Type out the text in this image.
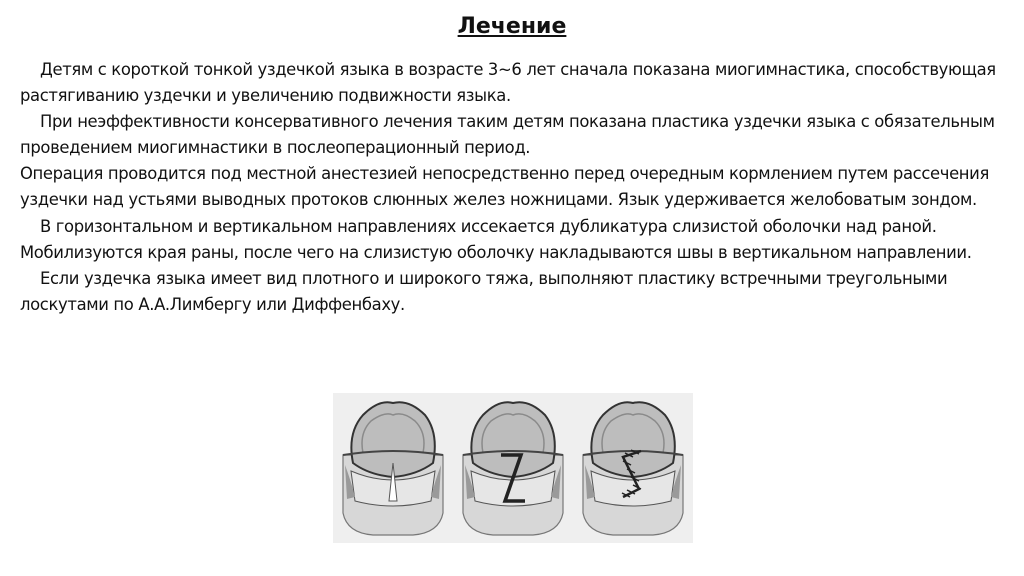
Лечение

Детям с короткой тонкой уздечкой языка в возрасте 3~6 лет сначала показана миогимнастика, способствующая растягиванию уздечки и увеличению подвижности языка.

При неэффективности консервативного лечения таким детям показана пластика уздечки языка с обязательным проведением миогимнастики в послеоперационный период.

Операция проводится под местной анестезией непосредственно перед очередным кормлением путем рассечения уздечки над устьями выводных протоков слюнных желез ножницами. Язык удерживается желобоватым зондом.

В горизонтальном и вертикальном направлениях иссекается дубликатура слизистой оболочки над раной. Мобилизуются края раны, после чего на слизистую оболочку накладываются швы в вертикальном направлении.

Если уздечка языка имеет вид плотного и широкого тяжа, выполняют пластику встречными треугольными лоскутами по А.А.Лимбергу или Диффенбаху.
